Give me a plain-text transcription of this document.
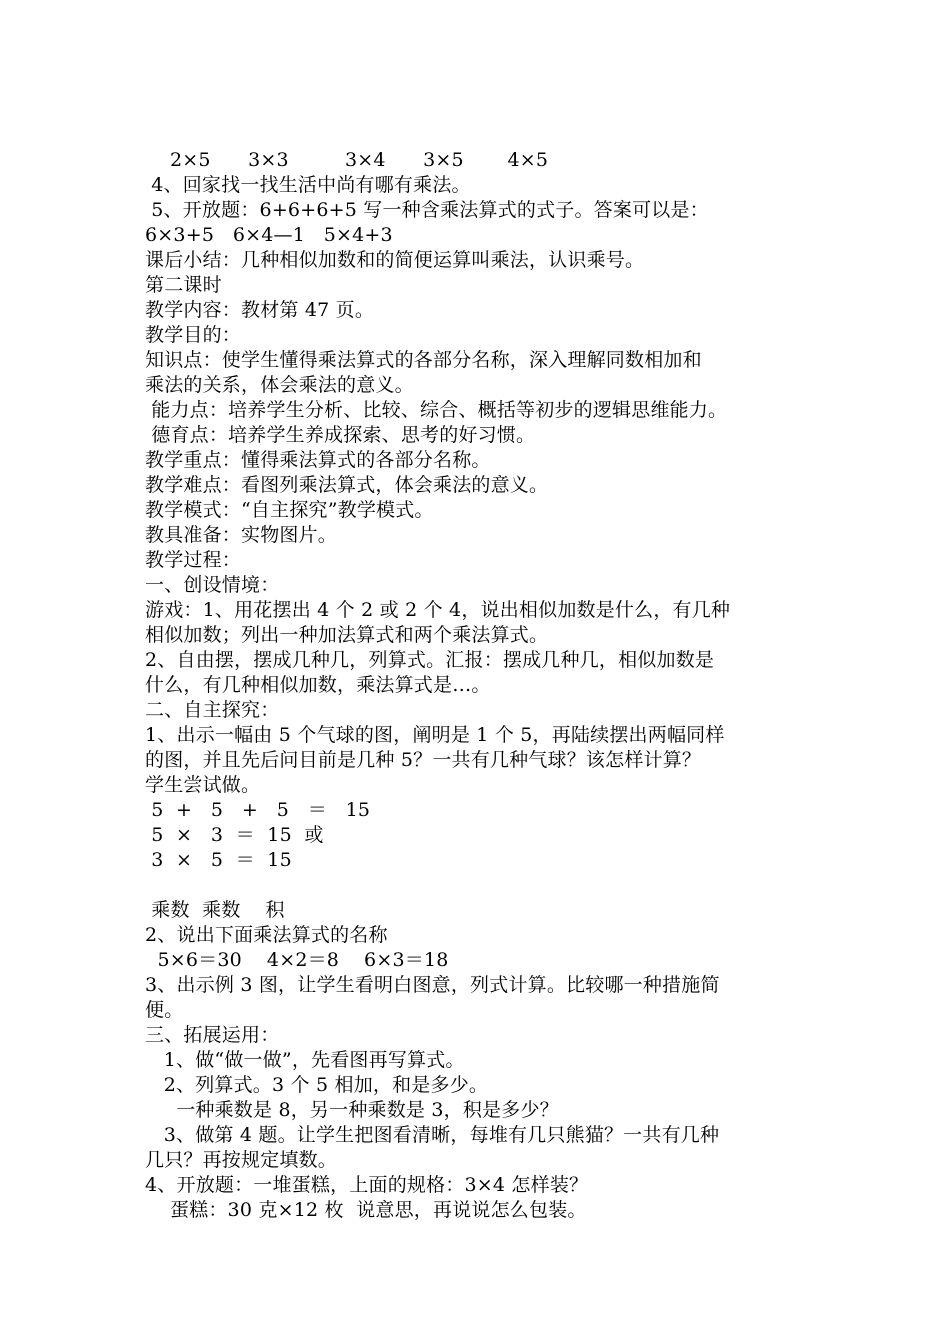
2×5      3×3         3×4      3×5       4×5
4、回家找一找生活中尚有哪有乘法。
5、开放题：6+6+6+5 写一种含乘法算式的式子。答案可以是：
6×3+5   6×4—1   5×4+3
课后小结：几种相似加数和的简便运算叫乘法，认识乘号。
第二课时
教学内容：教材第 47 页。
教学目的：
知识点：使学生懂得乘法算式的各部分名称，深入理解同数相加和
乘法的关系，体会乘法的意义。
能力点：培养学生分析、比较、综合、概括等初步的逻辑思维能力。
德育点：培养学生养成探索、思考的好习惯。
教学重点：懂得乘法算式的各部分名称。
教学难点：看图列乘法算式，体会乘法的意义。
教学模式：“自主探究”教学模式。
教具准备：实物图片。
教学过程：
一、创设情境：
游戏：1、用花摆出 4 个 2 或 2 个 4，说出相似加数是什么，有几种
相似加数；列出一种加法算式和两个乘法算式。
2、自由摆，摆成几种几，列算式。汇报：摆成几种几，相似加数是
什么，有几种相似加数，乘法算式是…。
二、自主探究：
1、出示一幅由 5 个气球的图，阐明是 1 个 5，再陆续摆出两幅同样
的图，并且先后问目前是几种 5？一共有几种气球？该怎样计算？
学生尝试做。
5  +   5   +   5   ＝   15
5  ×   3  ＝  15  或
3  ×   5  ＝  15
乘数  乘数    积
2、说出下面乘法算式的名称
5×6＝30    4×2＝8    6×3＝18
3、出示例 3 图，让学生看明白图意，列式计算。比较哪一种措施简
便。
三、拓展运用：
1、做“做一做”，先看图再写算式。
2、列算式。3 个 5 相加，和是多少。
一种乘数是 8，另一种乘数是 3，积是多少？
3、做第 4 题。让学生把图看清晰，每堆有几只熊猫？一共有几种
几只？再按规定填数。
4、开放题：一堆蛋糕，上面的规格：3×4 怎样装？
蛋糕：30 克×12 枚  说意思，再说说怎么包装。
